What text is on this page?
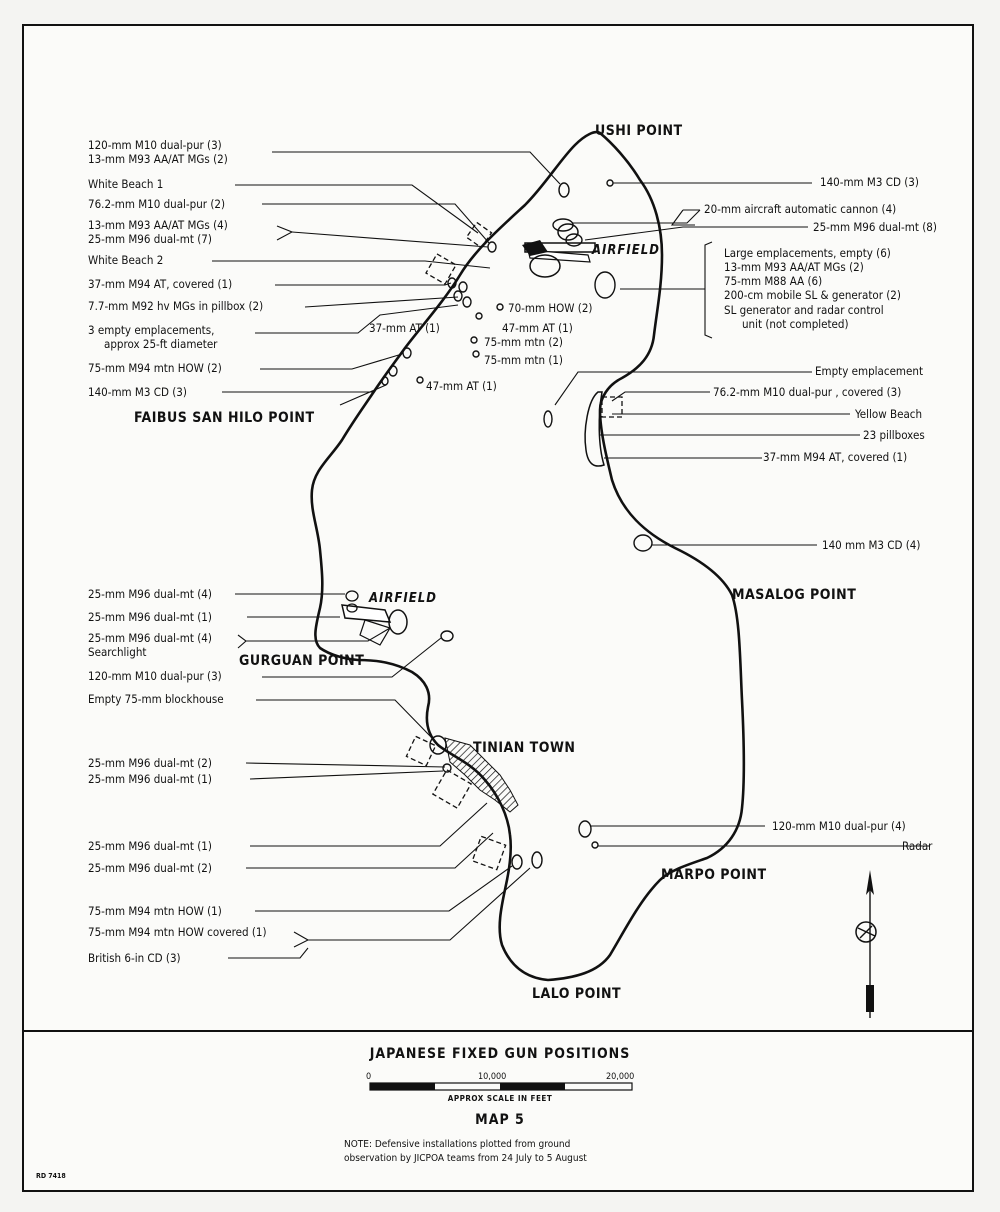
USHI POINT
FAIBUS SAN HILO POINT
MASALOG POINT
GURGUAN POINT
TINIAN TOWN
MARPO POINT
LALO POINT
AIRFIELD
AIRFIELD
120-mm M10 dual-pur (3)
13-mm M93 AA/AT MGs (2)
White Beach 1
76.2-mm M10 dual-pur (2)
13-mm M93 AA/AT MGs (4)
25-mm M96 dual-mt (7)
White Beach 2
37-mm M94 AT, covered (1)
7.7-mm M92 hv MGs in pillbox (2)
3 empty emplacements,
approx 25-ft diameter
75-mm M94 mtn HOW (2)
140-mm M3 CD (3)
25-mm M96 dual-mt (4)
25-mm M96 dual-mt (1)
25-mm M96 dual-mt (4)
Searchlight
120-mm M10 dual-pur (3)
Empty 75-mm blockhouse
25-mm M96 dual-mt (2)
25-mm M96 dual-mt (1)
25-mm M96 dual-mt (1)
25-mm M96 dual-mt (2)
75-mm M94 mtn HOW (1)
75-mm M94 mtn HOW covered (1)
British 6-in CD (3)
37-mm AT (1)
70-mm HOW (2)
47-mm AT (1)
75-mm mtn (2)
75-mm mtn (1)
47-mm AT (1)
140-mm M3 CD (3)
20-mm aircraft automatic cannon (4)
25-mm M96 dual-mt (8)
Large emplacements, empty (6)
13-mm M93 AA/AT MGs (2)
75-mm M88 AA (6)
200-cm mobile SL & generator (2)
SL generator and radar control
unit (not completed)
Empty emplacement
76.2-mm M10 dual-pur , covered (3)
Yellow Beach
23 pillboxes
37-mm M94 AT, covered (1)
140 mm M3 CD (4)
120-mm M10 dual-pur (4)
Radar
JAPANESE FIXED GUN POSITIONS
0	10,000	20,000
APPROX SCALE IN FEET
MAP 5
NOTE: Defensive installations plotted from ground
observation by JICPOA teams from 24 July to 5 August
RD 7418
